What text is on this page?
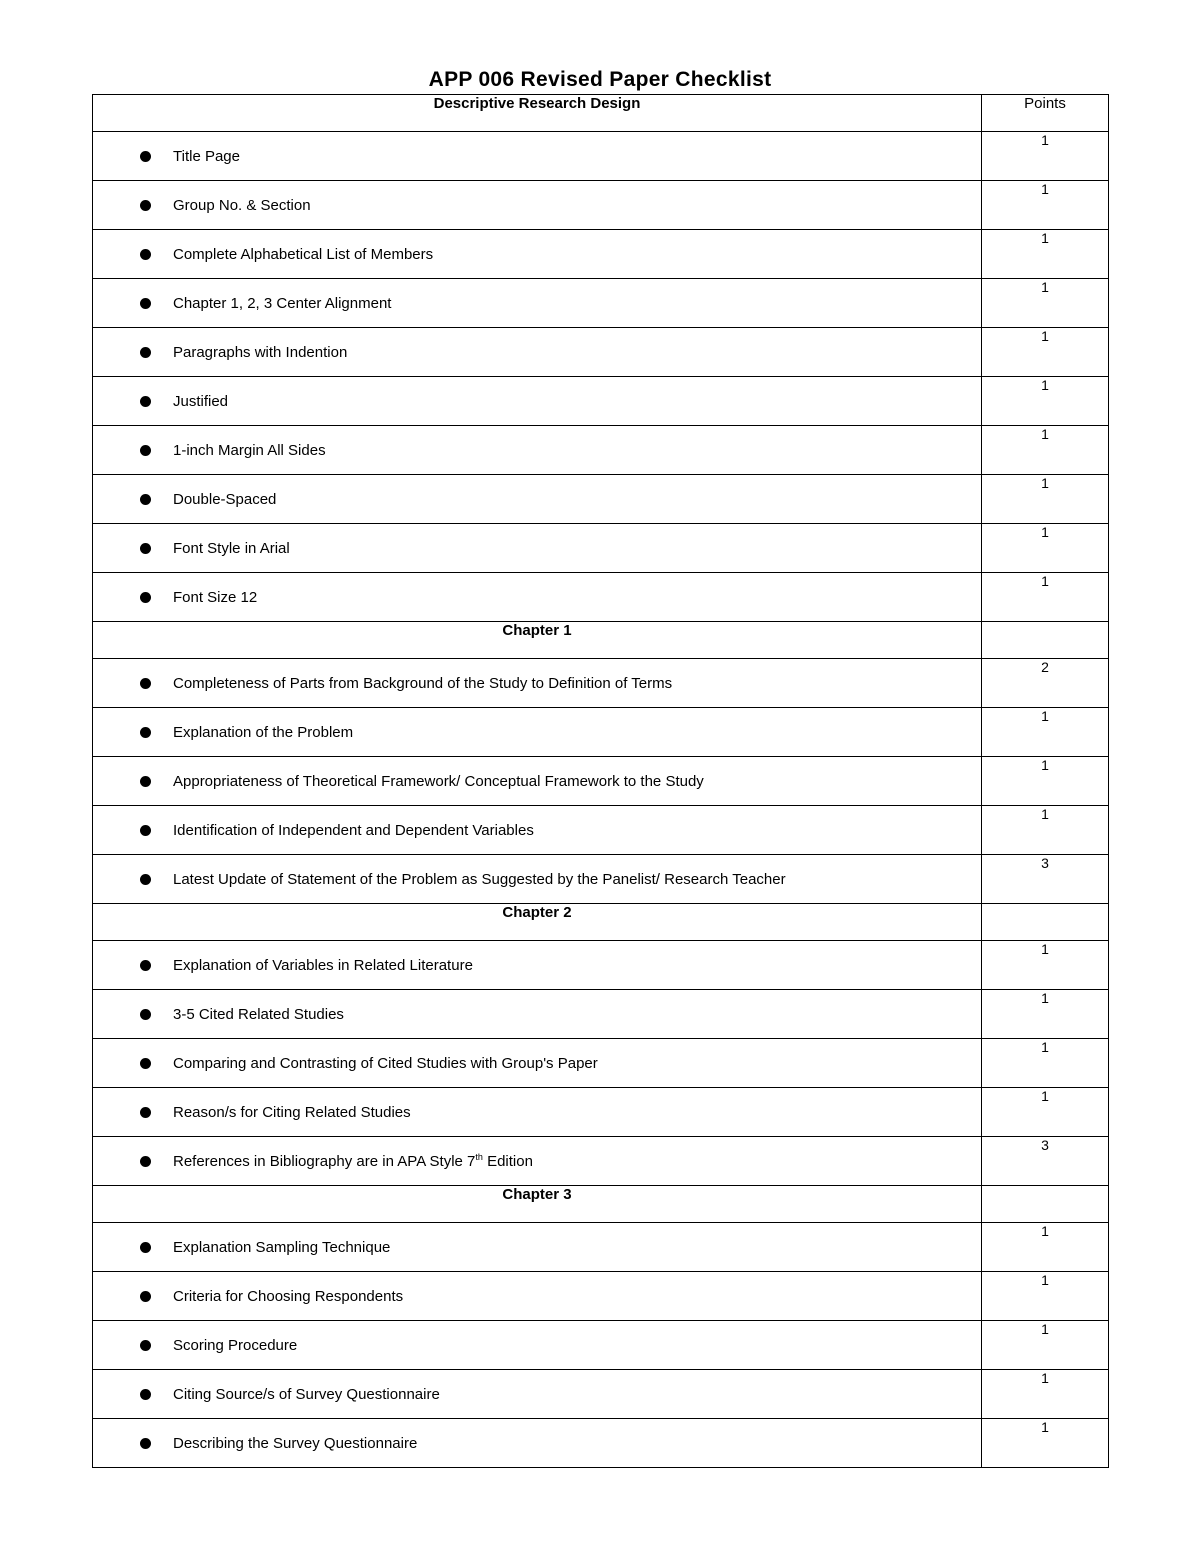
APP 006 Revised Paper Checklist
Descriptive Research Design	Points

Title Page	1

Group No. & Section	1

Complete Alphabetical List of Members	1

Chapter 1, 2, 3 Center Alignment	1

Paragraphs with Indention	1

Justified	1

1-inch Margin All Sides	1

Double-Spaced	1

Font Style in Arial	1

Font Size 12	1
Chapter 1	

Completeness of Parts from Background of the Study to Definition of Terms	2

Explanation of the Problem	1

Appropriateness of Theoretical Framework/ Conceptual Framework to the Study	1

Identification of Independent and Dependent Variables	1

Latest Update of Statement of the Problem as Suggested by the Panelist/ Research Teacher	3
Chapter 2	

Explanation of Variables in Related Literature	1

3-5 Cited Related Studies	1

Comparing and Contrasting of Cited Studies with Group's Paper	1

Reason/s for Citing Related Studies	1

References in Bibliography are in APA Style 7th Edition	3
Chapter 3	

Explanation Sampling Technique	1

Criteria for Choosing Respondents	1

Scoring Procedure	1

Citing Source/s of Survey Questionnaire	1

Describing the Survey Questionnaire	1
